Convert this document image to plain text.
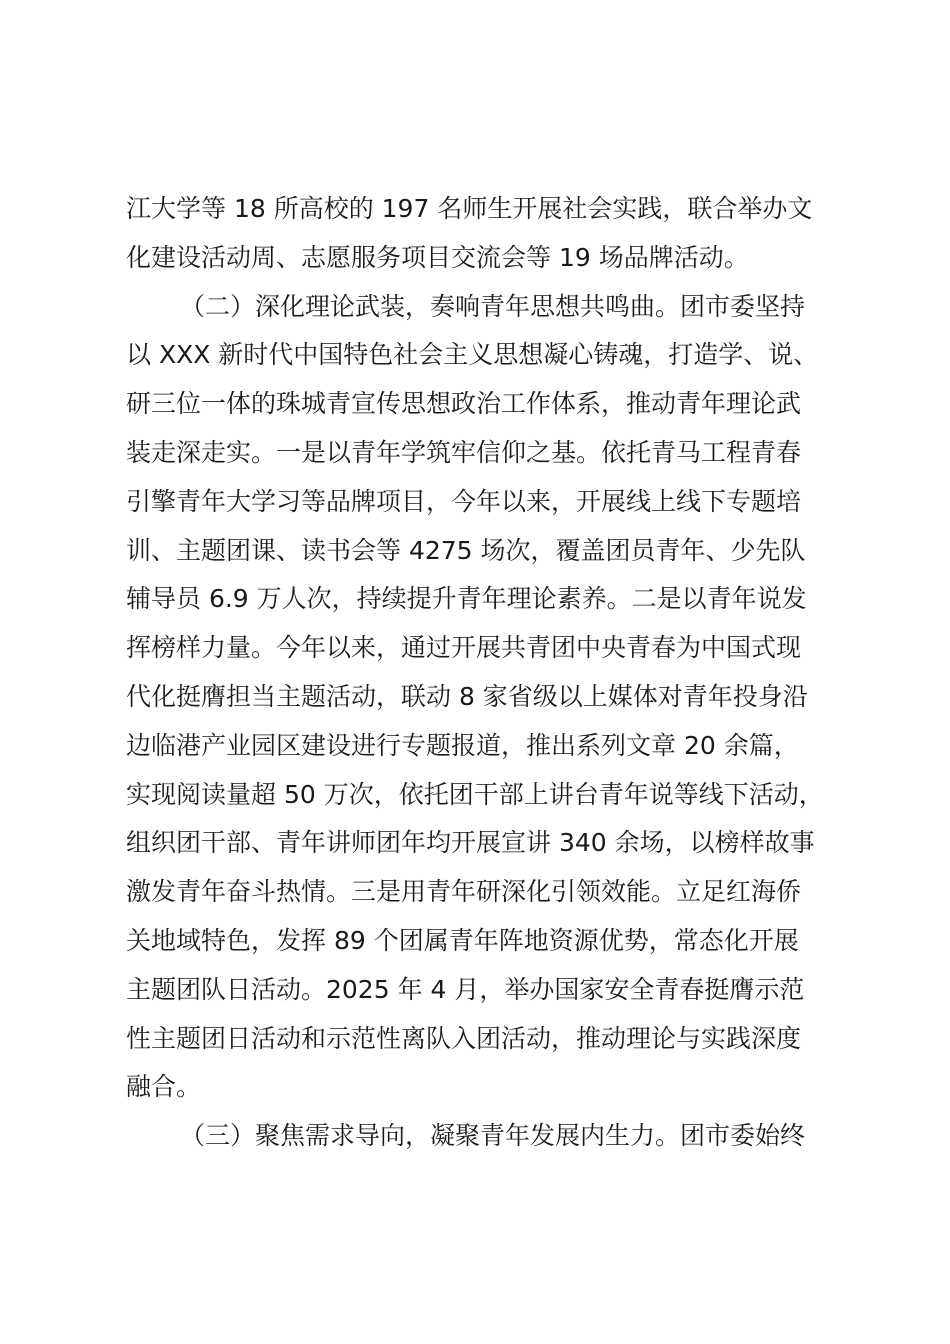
江大学等 18 所高校的 197 名师生开展社会实践，联合举办文
化建设活动周、志愿服务项目交流会等 19 场品牌活动。
（二）深化理论武装，奏响青年思想共鸣曲。团市委坚持
以 XXX 新时代中国特色社会主义思想凝心铸魂，打造学、说、
研三位一体的珠城青宣传思想政治工作体系，推动青年理论武
装走深走实。一是以青年学筑牢信仰之基。依托青马工程青春
引擎青年大学习等品牌项目，今年以来，开展线上线下专题培
训、主题团课、读书会等 4275 场次，覆盖团员青年、少先队
辅导员 6.9 万人次，持续提升青年理论素养。二是以青年说发
挥榜样力量。今年以来，通过开展共青团中央青春为中国式现
代化挺膺担当主题活动，联动 8 家省级以上媒体对青年投身沿
边临港产业园区建设进行专题报道，推出系列文章 20 余篇，
实现阅读量超 50 万次，依托团干部上讲台青年说等线下活动，
组织团干部、青年讲师团年均开展宣讲 340 余场，以榜样故事
激发青年奋斗热情。三是用青年研深化引领效能。立足红海侨
关地域特色，发挥 89 个团属青年阵地资源优势，常态化开展
主题团队日活动。2025 年 4 月，举办国家安全青春挺膺示范
性主题团日活动和示范性离队入团活动，推动理论与实践深度
融合。
（三）聚焦需求导向，凝聚青年发展内生力。团市委始终
